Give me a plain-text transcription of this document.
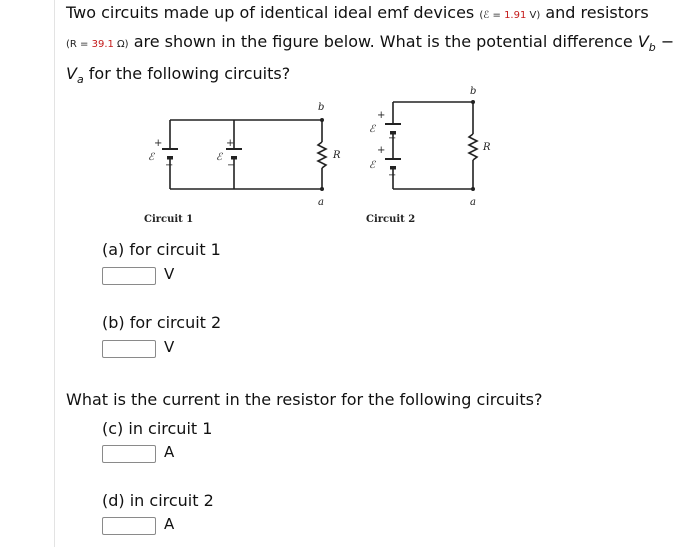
Two circuits made up of identical ideal emf devices (ℰ = 1.91 V) and resistors
(R = 39.1 Ω) are shown in the figure below. What is the potential difference $V_b$ −
$V_a$ for the following circuits?
+
ℰ
−
+
ℰ
−
b
a
R
+
ℰ
−
+
ℰ
−
b
a
R
Circuit 1	Circuit 2
(a) for circuit 1
V
(b) for circuit 2
V
What is the current in the resistor for the following circuits?
(c) in circuit 1
A
(d) in circuit 2
A
